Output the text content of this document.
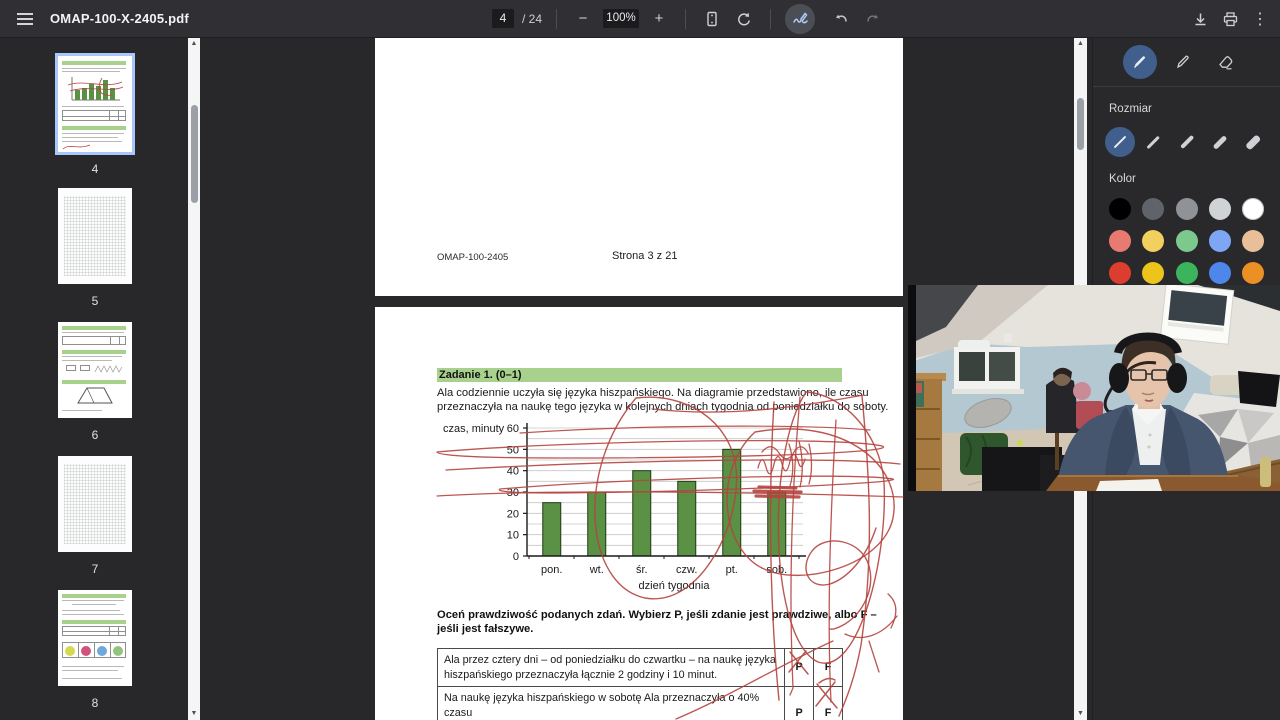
OMAP-100-X-2405.pdf	4	/ 24	−	100%	+	⋮
4
5
6
7
8
▲
▼
OMAP-100-2405	Strona 3 z 21
Zadanie 1. (0–1)
Ala codziennie uczyła się języka hiszpańskiego. Na diagramie przedstawiono, ile czasu
przeznaczyła na naukę tego języka w kolejnych dniach tygodnia od poniedziałku do soboty.
0
10
20
30
40
50
60
pon. wt.	śr.	czw.	pt.	sob.
czas, minuty
dzień tygodnia
Oceń prawdziwość podanych zdań. Wybierz P, jeśli zdanie jest prawdziwe, albo F –
jeśli jest fałszywe.
Ala przez cztery dni – od poniedziałku do czwartku – na naukę języka
hiszpańskiego przeznaczyła łącznie 2 godziny i 10 minut.	P	F
Na naukę języka hiszpańskiego w sobotę Ala przeznaczyła o 40% czasu	P	F
▲
▼
Rozmiar
Kolor
